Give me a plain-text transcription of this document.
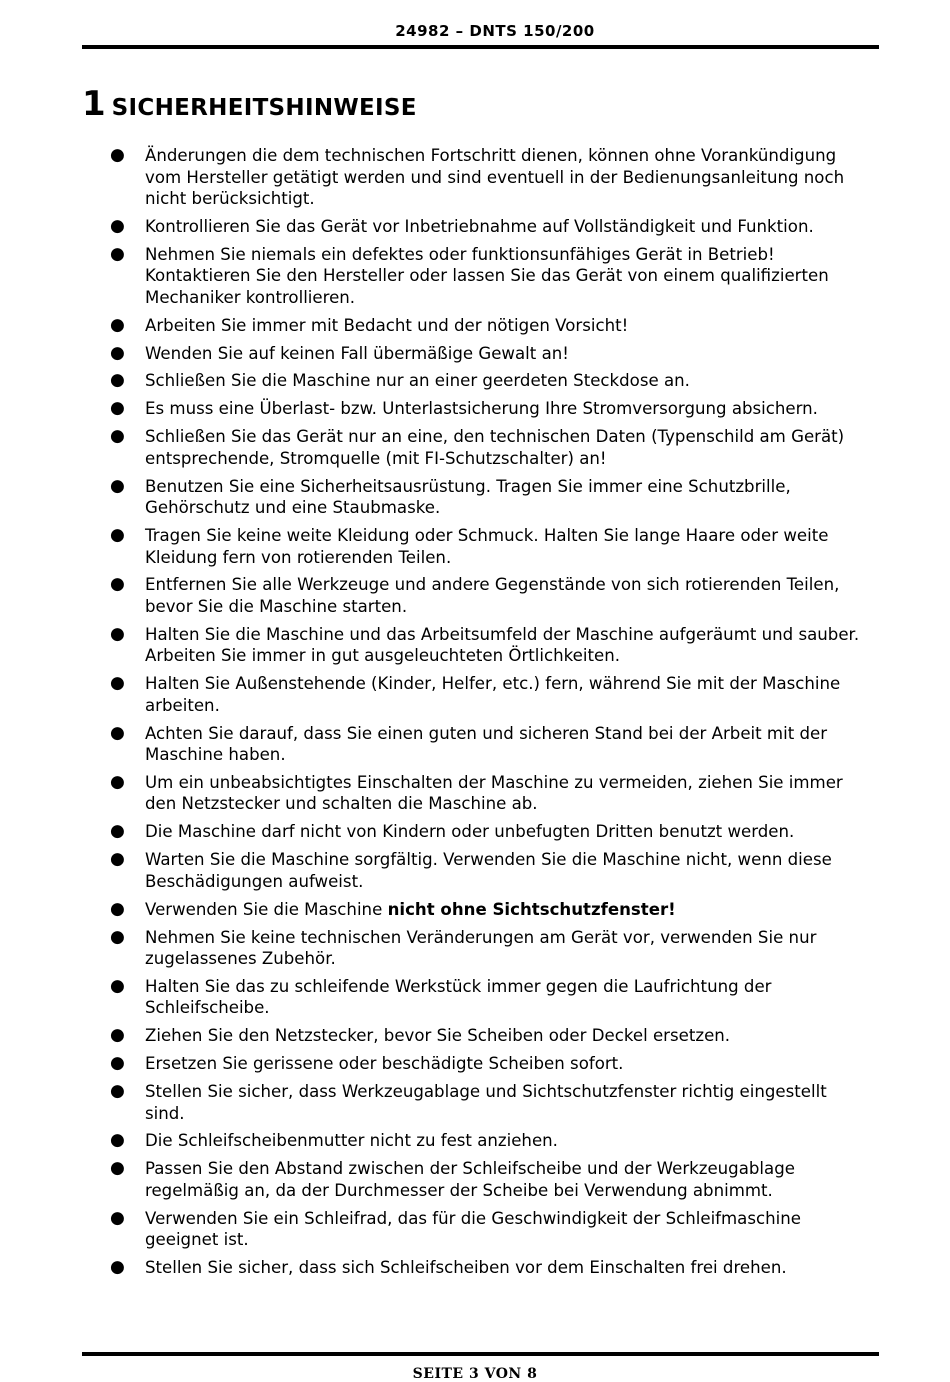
24982 – DNTS 150/200
1 SICHERHEITSHINWEISE
● Änderungen die dem technischen Fortschritt dienen, können ohne Vorankündigung vom Hersteller getätigt werden und sind eventuell in der Bedienungsanleitung noch nicht berücksichtigt.
● Kontrollieren Sie das Gerät vor Inbetriebnahme auf Vollständigkeit und Funktion.
● Nehmen Sie niemals ein defektes oder funktionsunfähiges Gerät in Betrieb! Kontaktieren Sie den Hersteller oder lassen Sie das Gerät von einem qualifizierten Mechaniker kontrollieren.
● Arbeiten Sie immer mit Bedacht und der nötigen Vorsicht!
● Wenden Sie auf keinen Fall übermäßige Gewalt an!
● Schließen Sie die Maschine nur an einer geerdeten Steckdose an.
● Es muss eine Überlast- bzw. Unterlastsicherung Ihre Stromversorgung absichern.
● Schließen Sie das Gerät nur an eine, den technischen Daten (Typenschild am Gerät) entsprechende, Stromquelle (mit FI-Schutzschalter) an!
● Benutzen Sie eine Sicherheitsausrüstung. Tragen Sie immer eine Schutzbrille, Gehörschutz und eine Staubmaske.
● Tragen Sie keine weite Kleidung oder Schmuck. Halten Sie lange Haare oder weite Kleidung fern von rotierenden Teilen.
● Entfernen Sie alle Werkzeuge und andere Gegenstände von sich rotierenden Teilen, bevor Sie die Maschine starten.
● Halten Sie die Maschine und das Arbeitsumfeld der Maschine aufgeräumt und sauber. Arbeiten Sie immer in gut ausgeleuchteten Örtlichkeiten.
● Halten Sie Außenstehende (Kinder, Helfer, etc.) fern, während Sie mit der Maschine arbeiten.
● Achten Sie darauf, dass Sie einen guten und sicheren Stand bei der Arbeit mit der Maschine haben.
● Um ein unbeabsichtigtes Einschalten der Maschine zu vermeiden, ziehen Sie immer den Netzstecker und schalten die Maschine ab.
● Die Maschine darf nicht von Kindern oder unbefugten Dritten benutzt werden.
● Warten Sie die Maschine sorgfältig. Verwenden Sie die Maschine nicht, wenn diese Beschädigungen aufweist.
● Verwenden Sie die Maschine nicht ohne Sichtschutzfenster!
● Nehmen Sie keine technischen Veränderungen am Gerät vor, verwenden Sie nur zugelassenes Zubehör.
● Halten Sie das zu schleifende Werkstück immer gegen die Laufrichtung der Schleifscheibe.
● Ziehen Sie den Netzstecker, bevor Sie Scheiben oder Deckel ersetzen.
● Ersetzen Sie gerissene oder beschädigte Scheiben sofort.
● Stellen Sie sicher, dass Werkzeugablage und Sichtschutzfenster richtig eingestellt sind.
● Die Schleifscheibenmutter nicht zu fest anziehen.
● Passen Sie den Abstand zwischen der Schleifscheibe und der Werkzeugablage regelmäßig an, da der Durchmesser der Scheibe bei Verwendung abnimmt.
● Verwenden Sie ein Schleifrad, das für die Geschwindigkeit der Schleifmaschine geeignet ist.
● Stellen Sie sicher, dass sich Schleifscheiben vor dem Einschalten frei drehen.
SEITE 3 VON 8
